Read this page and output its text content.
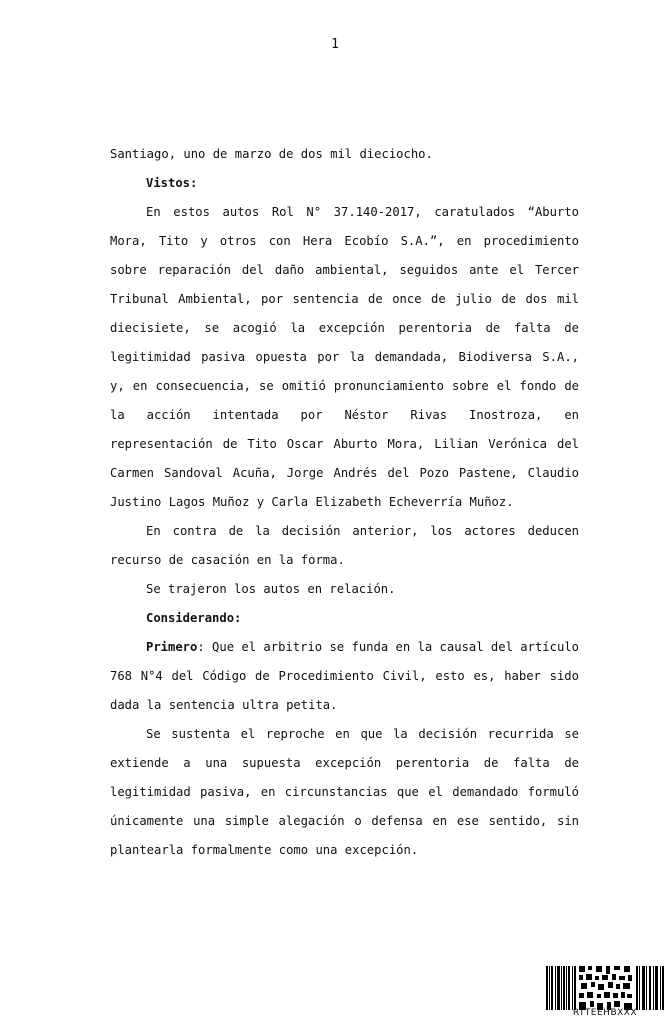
1

Santiago, uno de marzo de dos mil dieciocho.

Vistos:

En estos autos Rol N° 37.140-2017, caratulados “Aburto Mora, Tito y otros con Hera Ecobío S.A.”, en procedimiento sobre reparación del daño ambiental, seguidos ante el Tercer Tribunal Ambiental, por sentencia de once de julio de dos mil diecisiete, se acogió la excepción perentoria de falta de legitimidad pasiva opuesta por la demandada, Biodiversa S.A., y, en consecuencia, se omitió pronunciamiento sobre el fondo de la acción intentada por Néstor Rivas Inostroza, en representación de Tito Oscar Aburto Mora, Lilian Verónica del Carmen Sandoval Acuña, Jorge Andrés del Pozo Pastene, Claudio Justino Lagos Muñoz y Carla Elizabeth Echeverría Muñoz.

En contra de la decisión anterior, los actores deducen recurso de casación en la forma.

Se trajeron los autos en relación.

Considerando:

Primero: Que el arbitrio se funda en la causal del artículo 768 N°4 del Código de Procedimiento Civil, esto es, haber sido dada la sentencia ultra petita.

Se sustenta el reproche en que la decisión recurrida se extiende a una supuesta excepción perentoria de falta de legitimidad pasiva, en circunstancias que el demandado formuló únicamente una simple alegación o defensa en ese sentido, sin plantearla formalmente como una excepción.

RTTEEHBXXX
